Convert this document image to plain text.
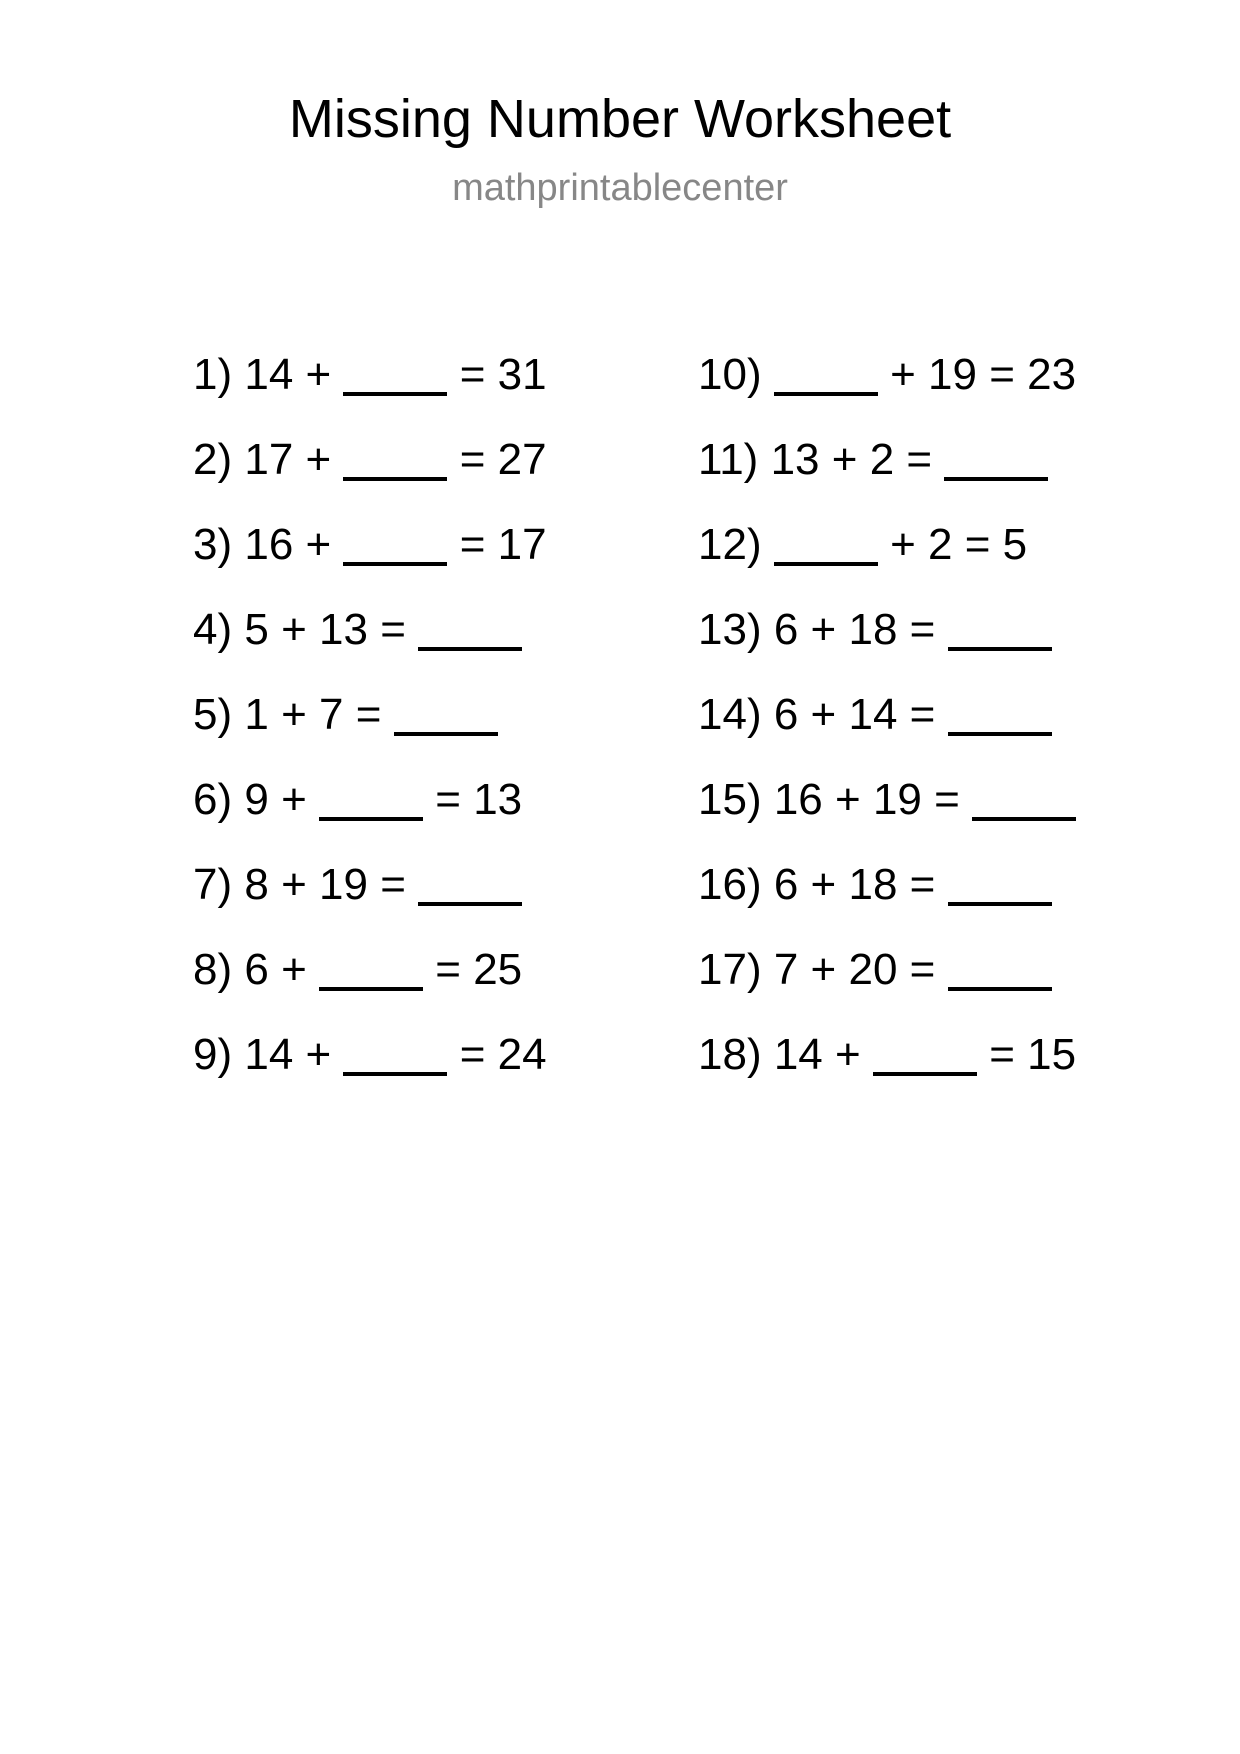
Missing Number Worksheet
mathprintablecenter
1) 14 +	= 31
2) 17 +	= 27
3) 16 +	= 17
4) 5 + 13 =
5) 1 + 7 =
6) 9 +	= 13
7) 8 + 19 =
8) 6 +	= 25
9) 14 +	= 24
10)	+ 19 = 23
11) 13 + 2 =
12)	+ 2 = 5
13) 6 + 18 =
14) 6 + 14 =
15) 16 + 19 =
16) 6 + 18 =
17) 7 + 20 =
18) 14 +	= 15
